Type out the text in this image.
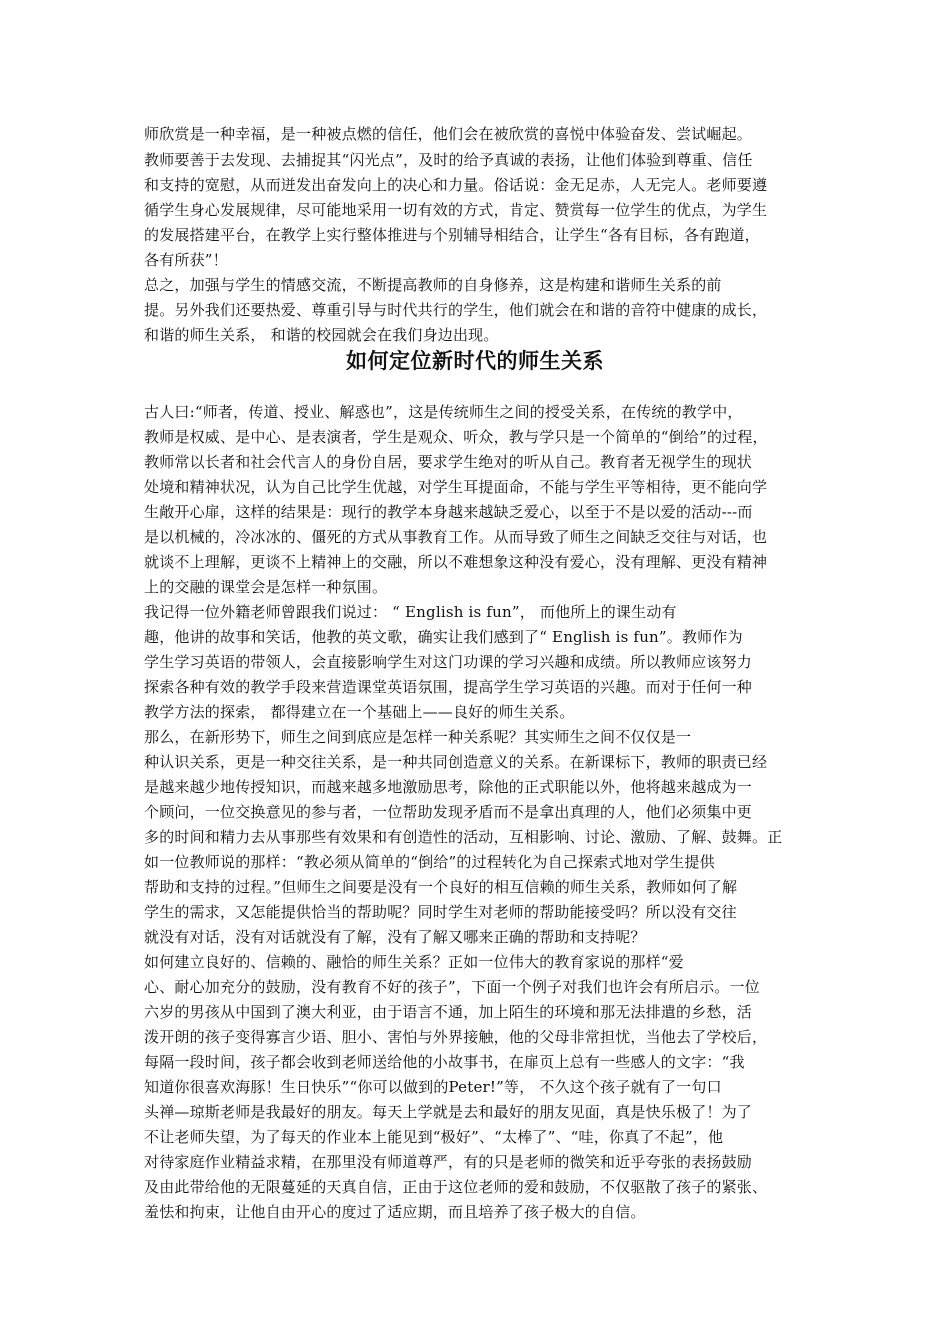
师欣赏是一种幸福，是一种被点燃的信任，他们会在被欣赏的喜悦中体验奋发、尝试崛起。
教师要善于去发现、去捕捉其“闪光点”，及时的给予真诚的表扬，让他们体验到尊重、信任
和支持的宽慰，从而迸发出奋发向上的决心和力量。俗话说：金无足赤，人无完人。老师要遵
循学生身心发展规律，尽可能地采用一切有效的方式，肯定、赞赏每一位学生的优点，为学生
的发展搭建平台，在教学上实行整体推进与个别辅导相结合，让学生“各有目标，各有跑道，
各有所获”！
总之，加强与学生的情感交流，不断提高教师的自身修养，这是构建和谐师生关系的前
提。另外我们还要热爱、尊重引导与时代共行的学生，他们就会在和谐的音符中健康的成长，
和谐的师生关系， 和谐的校园就会在我们身边出现。
如何定位新时代的师生关系
古人曰:“师者，传道、授业、解惑也”，这是传统师生之间的授受关系，在传统的教学中，
教师是权威、是中心、是表演者，学生是观众、听众，教与学只是一个简单的“倒给”的过程，
教师常以长者和社会代言人的身份自居，要求学生绝对的听从自己。教育者无视学生的现状
处境和精神状况，认为自己比学生优越，对学生耳提面命，不能与学生平等相待，更不能向学
生敞开心扉，这样的结果是：现行的教学本身越来越缺乏爱心，以至于不是以爱的活动---而
是以机械的，冷冰冰的、僵死的方式从事教育工作。从而导致了师生之间缺乏交往与对话，也
就谈不上理解，更谈不上精神上的交融，所以不难想象这种没有爱心，没有理解、更没有精神
上的交融的课堂会是怎样一种氛围。
我记得一位外籍老师曾跟我们说过： “ English is fun”， 而他所上的课生动有
趣，他讲的故事和笑话，他教的英文歌，确实让我们感到了“ English is fun”。教师作为
学生学习英语的带领人，会直接影响学生对这门功课的学习兴趣和成绩。所以教师应该努力
探索各种有效的教学手段来营造课堂英语氛围，提高学生学习英语的兴趣。而对于任何一种
教学方法的探索， 都得建立在一个基础上——良好的师生关系。
那么，在新形势下，师生之间到底应是怎样一种关系呢？其实师生之间不仅仅是一
种认识关系，更是一种交往关系，是一种共同创造意义的关系。在新课标下，教师的职责已经
是越来越少地传授知识，而越来越多地激励思考，除他的正式职能以外，他将越来越成为一
个顾问，一位交换意见的参与者，一位帮助发现矛盾而不是拿出真理的人，他们必须集中更
多的时间和精力去从事那些有效果和有创造性的活动，互相影响、讨论、激励、了解、鼓舞。正
如一位教师说的那样：“教必须从简单的“倒给”的过程转化为自己探索式地对学生提供
帮助和支持的过程。”但师生之间要是没有一个良好的相互信赖的师生关系，教师如何了解
学生的需求，又怎能提供恰当的帮助呢？同时学生对老师的帮助能接受吗？所以没有交往
就没有对话，没有对话就没有了解，没有了解又哪来正确的帮助和支持呢？
如何建立良好的、信赖的、融恰的师生关系？正如一位伟大的教育家说的那样“爱
心、耐心加充分的鼓励，没有教育不好的孩子”，下面一个例子对我们也许会有所启示。一位
六岁的男孩从中国到了澳大利亚，由于语言不通，加上陌生的环境和那无法排遣的乡愁，活
泼开朗的孩子变得寡言少语、胆小、害怕与外界接触，他的父母非常担忧，当他去了学校后，
每隔一段时间，孩子都会收到老师送给他的小故事书，在扉页上总有一些感人的文字：“我
知道你很喜欢海豚！生日快乐”“你可以做到的Peter!”等， 不久这个孩子就有了一句口
头禅—琼斯老师是我最好的朋友。每天上学就是去和最好的朋友见面，真是快乐极了！为了
不让老师失望，为了每天的作业本上能见到“极好”、“太棒了”、“哇，你真了不起”，他
对待家庭作业精益求精，在那里没有师道尊严，有的只是老师的微笑和近乎夸张的表扬鼓励
及由此带给他的无限蔓延的天真自信，正由于这位老师的爱和鼓励，不仅驱散了孩子的紧张、
羞怯和拘束，让他自由开心的度过了适应期，而且培养了孩子极大的自信。
